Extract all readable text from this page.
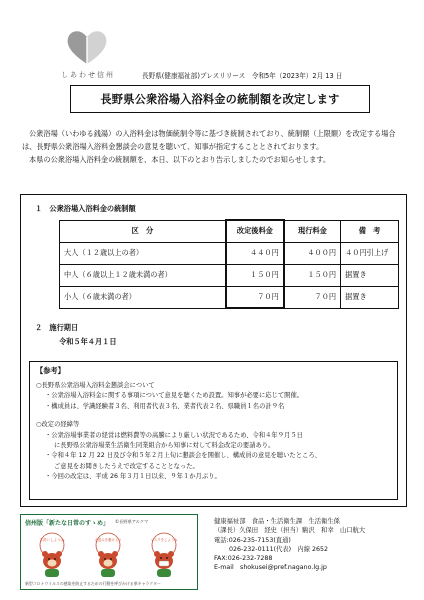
しあわせ信州	長野県(健康福祉部)プレスリリース　令和5年（2023年）2月 13 日
長野県公衆浴場入浴料金の統制額を改定します

公衆浴場（いわゆる銭湯）の入浴料金は物価統制令等に基づき統制されており、統制額（上限額）を改定する場合は、長野県公衆浴場入浴料金懇談会の意見を聴いて、知事が指定することとされております。

本県の公衆浴場入浴料金の統制額を、本日、以下のとおり告示しましたのでお知らせします。

１　公衆浴場入浴料金の統制額
区　分	改定後料金	現行料金	備　考
大人（１２歳以上の者）	４４０円	４００円	４０円引上げ
中人（６歳以上１２歳未満の者）	１５０円	１５０円	据置き
小人（６歳未満の者）	７０円	７０円	据置き
２　施行期日
令和５年４月１日
【参考】
○長野県公衆浴場入浴料金懇談会について
・公衆浴場入浴料金に関する事項について意見を聴くため設置。知事が必要に応じて開催。
・構成員は、学識経験者３名、利用者代表３名、業者代表２名、県職員１名の計９名
○改定の経緯等
・公衆浴場事業者の経営は燃料費等の高騰により厳しい状況であるため、令和４年９月５日
に長野県公衆浴場業生活衛生同業組合から知事に対して料金改定の要請あり。
・令和４年 12 月 22 日及び令和５年２月上旬に懇談会を開催し、構成員の意見を聴いたところ、
ご意見をお聞きしたうえで改定することとなった。
・今回の改定は、平成 26 年３月１日以来、９年１か月ぶり。
信州版「新たな日常のすゝめ」 ©長野県アルクマ
手洗いしようね	人混みを避けよう	マスクをしようね
新型コロナウイルスの感染を防止するための行動を呼びかける県キャラクター
健康福祉部　食品・生活衛生課　生活衛生係
（課長）久保田　経史（担当）駒沢　和幸　山口航大
電話:026-235-7153(直通)
026-232-0111(代表)　内線 2652
FAX:026-232-7288
E-mail　shokusei@pref.nagano.lg.jp
